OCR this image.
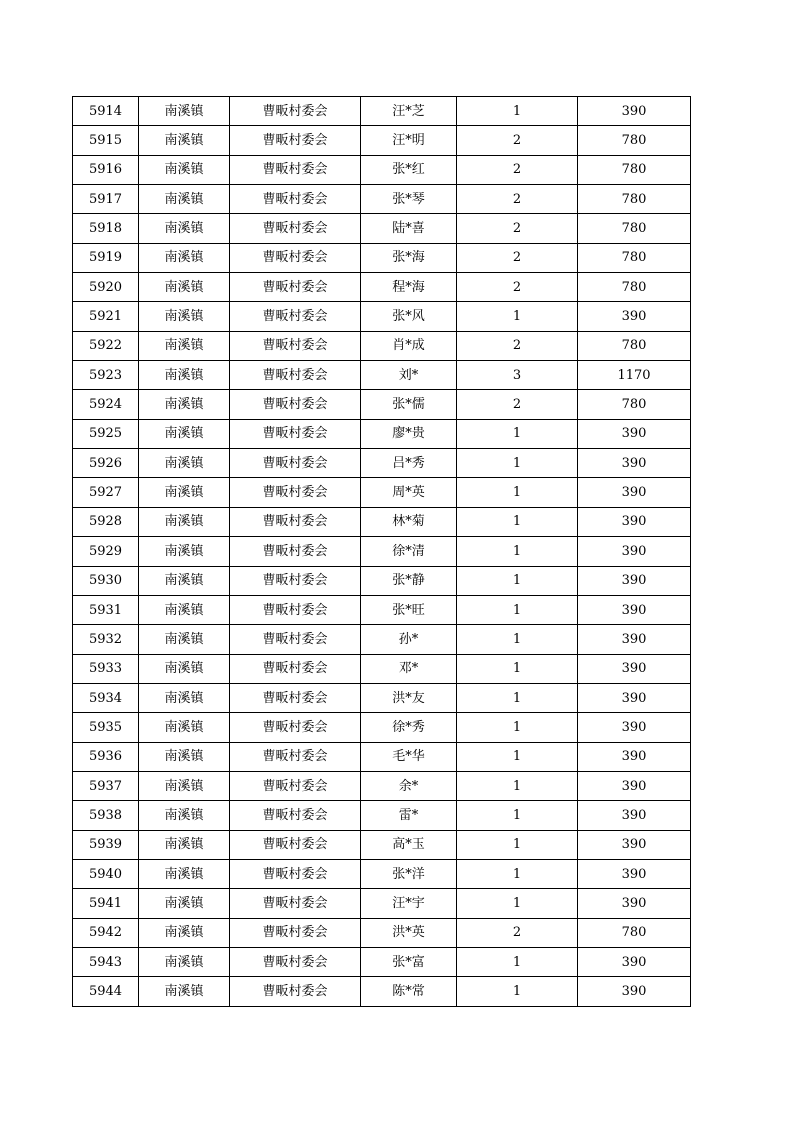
5914	南溪镇	曹畈村委会	汪*芝	1	390
5915	南溪镇	曹畈村委会	汪*明	2	780
5916	南溪镇	曹畈村委会	张*红	2	780
5917	南溪镇	曹畈村委会	张*琴	2	780
5918	南溪镇	曹畈村委会	陆*喜	2	780
5919	南溪镇	曹畈村委会	张*海	2	780
5920	南溪镇	曹畈村委会	程*海	2	780
5921	南溪镇	曹畈村委会	张*风	1	390
5922	南溪镇	曹畈村委会	肖*成	2	780
5923	南溪镇	曹畈村委会	刘*	3	1170
5924	南溪镇	曹畈村委会	张*儒	2	780
5925	南溪镇	曹畈村委会	廖*贵	1	390
5926	南溪镇	曹畈村委会	吕*秀	1	390
5927	南溪镇	曹畈村委会	周*英	1	390
5928	南溪镇	曹畈村委会	林*菊	1	390
5929	南溪镇	曹畈村委会	徐*清	1	390
5930	南溪镇	曹畈村委会	张*静	1	390
5931	南溪镇	曹畈村委会	张*旺	1	390
5932	南溪镇	曹畈村委会	孙*	1	390
5933	南溪镇	曹畈村委会	邓*	1	390
5934	南溪镇	曹畈村委会	洪*友	1	390
5935	南溪镇	曹畈村委会	徐*秀	1	390
5936	南溪镇	曹畈村委会	毛*华	1	390
5937	南溪镇	曹畈村委会	余*	1	390
5938	南溪镇	曹畈村委会	雷*	1	390
5939	南溪镇	曹畈村委会	高*玉	1	390
5940	南溪镇	曹畈村委会	张*洋	1	390
5941	南溪镇	曹畈村委会	汪*宇	1	390
5942	南溪镇	曹畈村委会	洪*英	2	780
5943	南溪镇	曹畈村委会	张*富	1	390
5944	南溪镇	曹畈村委会	陈*常	1	390
